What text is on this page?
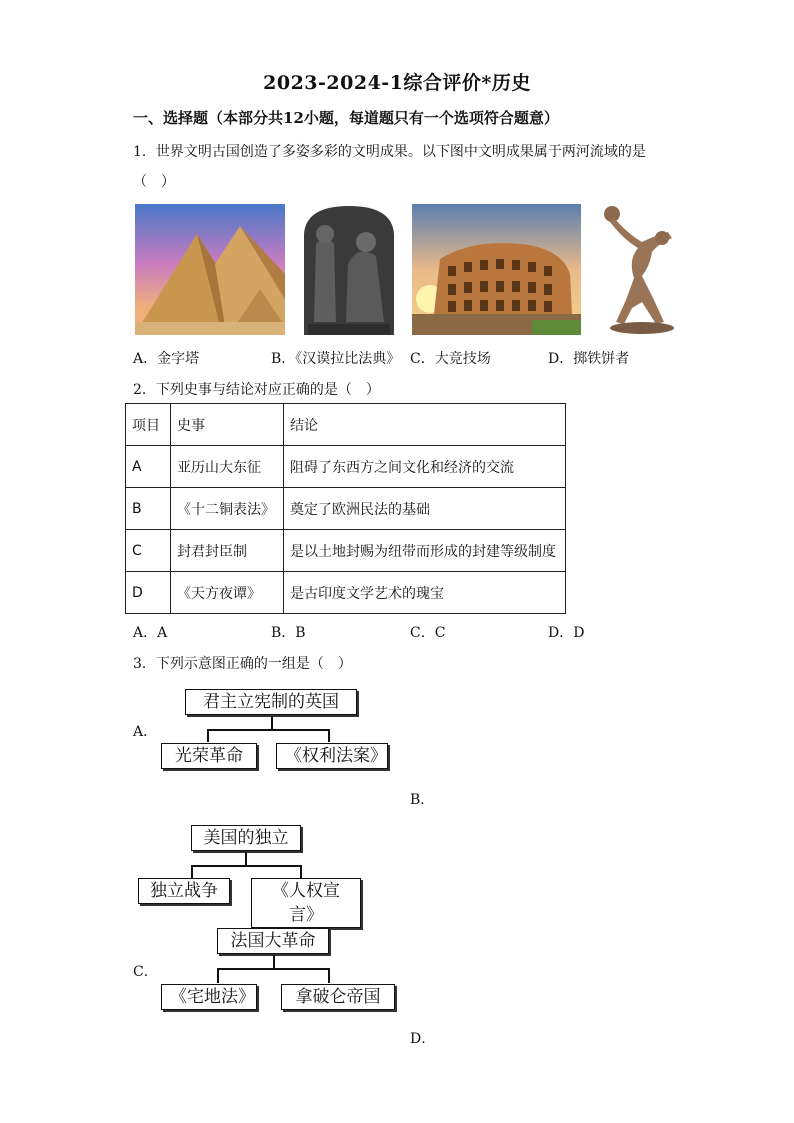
2023-2024-1综合评价*历史
一、选择题（本部分共12小题，每道题只有一个选项符合题意）
1．世界文明古国创造了多姿多彩的文明成果。以下图中文明成果属于两河流域的是
（　）
A．金字塔	B．《汉谟拉比法典》 C．大竞技场	D．掷铁饼者
2．下列史事与结论对应正确的是（　）
项目	史事	结论
A	亚历山大东征	阻碍了东西方之间文化和经济的交流
B	《十二铜表法》	奠定了欧洲民法的基础
C	封君封臣制	是以土地封赐为纽带而形成的封建等级制度
D	《天方夜谭》	是古印度文学艺术的瑰宝
A．A	B．B	C．C	D．D
3．下列示意图正确的一组是（　）
A．
君主立宪制的英国
光荣革命	《权利法案》
B．
美国的独立
独立战争	《人权宣言》
C．
法国大革命
《宅地法》	拿破仑帝国
D．
